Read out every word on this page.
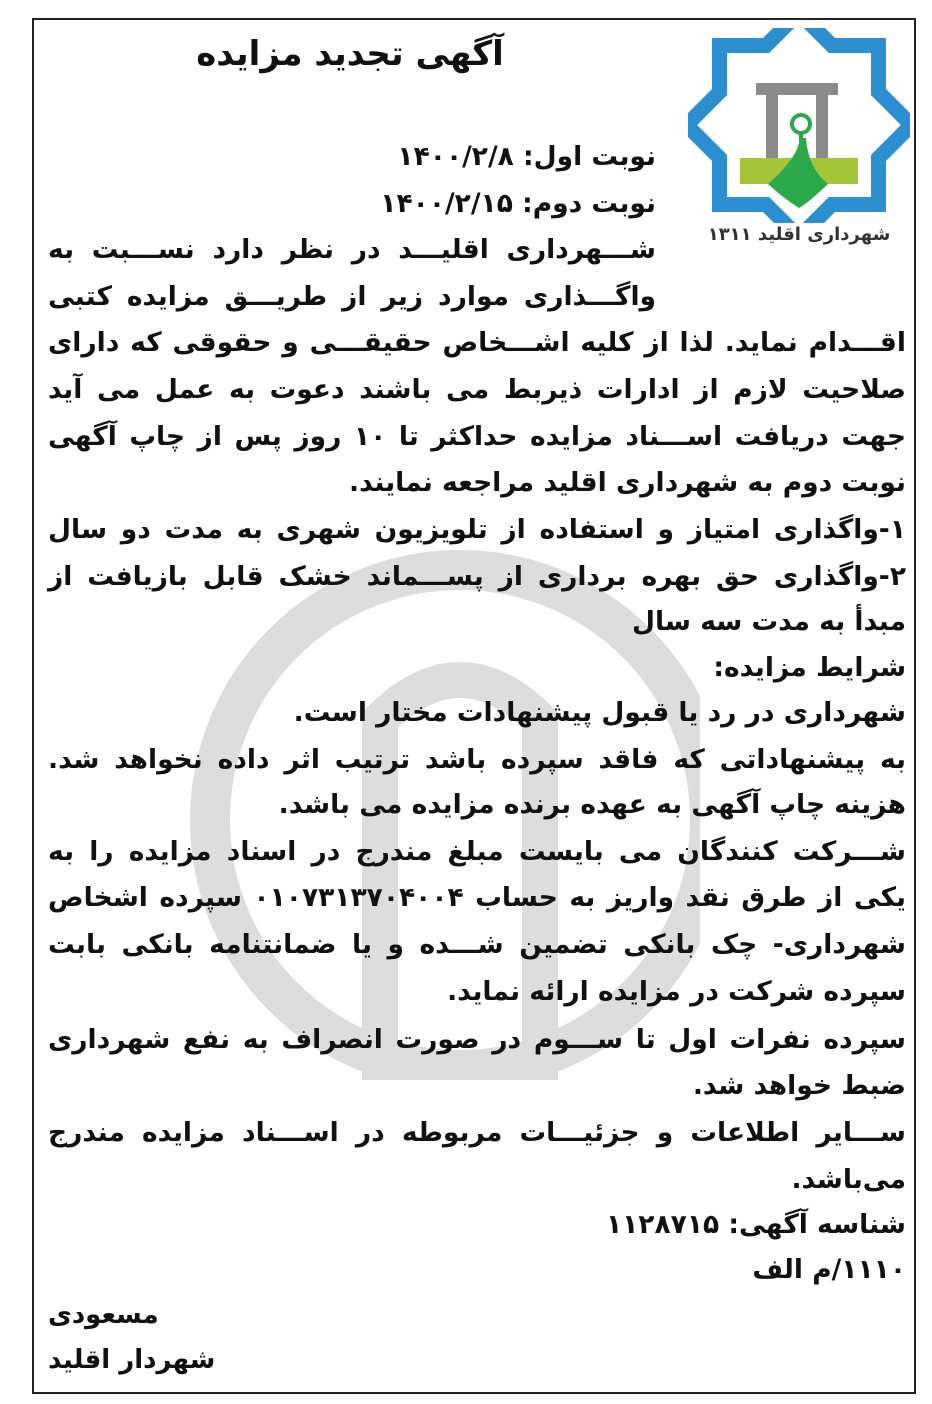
آگهی تجدید مزایده
شهرداری اقلید ۱۳۱۱
نوبت اول: ۱۴۰۰/۲/۸
نوبت دوم: ۱۴۰۰/۲/۱۵
شـــهرداری اقلیـــد در نظر دارد نســـبت به
واگـــذاری موارد زیر از طریـــق مزایده کتبی
اقـــدام نماید. لذا از کلیه اشـــخاص حقیقـــی و حقوقی که دارای
صلاحیت لازم از ادارات ذیربط می باشند دعوت به عمل می آید
جهت دریافت اســـناد مزایده حداکثر تا ۱۰ روز پس از چاپ آگهی
نوبت دوم به شهرداری اقلید مراجعه نمایند.
۱-واگذاری امتیاز و استفاده از تلویزیون شهری به مدت دو سال
۲-واگذاری حق بهره برداری از پســـماند خشک قابل بازیافت از
مبدأ به مدت سه سال
شرایط مزایده:
شهرداری در رد یا قبول پیشنهادات مختار است.
به پیشنهاداتی که فاقد سپرده باشد ترتیب اثر داده نخواهد شد.
هزینه چاپ آگهی به عهده برنده مزایده می باشد.
شـــرکت کنندگان می بایست مبلغ مندرج در اسناد مزایده را به
یکی از طرق نقد واریز به حساب ۰۱۰۷۳۱۳۷۰۴۰۰۴ سپرده اشخاص
شهرداری- چک بانکی تضمین شـــده و یا ضمانتنامه بانکی بابت
سپرده شرکت در مزایده ارائه نماید.
سپرده نفرات اول تا ســـوم در صورت انصراف به نفع شهرداری
ضبط خواهد شد.
ســـایر اطلاعات و جزئیـــات مربوطه در اســـناد مزایده مندرج
می‌باشد.
شناسه آگهی: ۱۱۲۸۷۱۵
۱۱۱۰/م الف
مسعودی
شهردار اقلید
